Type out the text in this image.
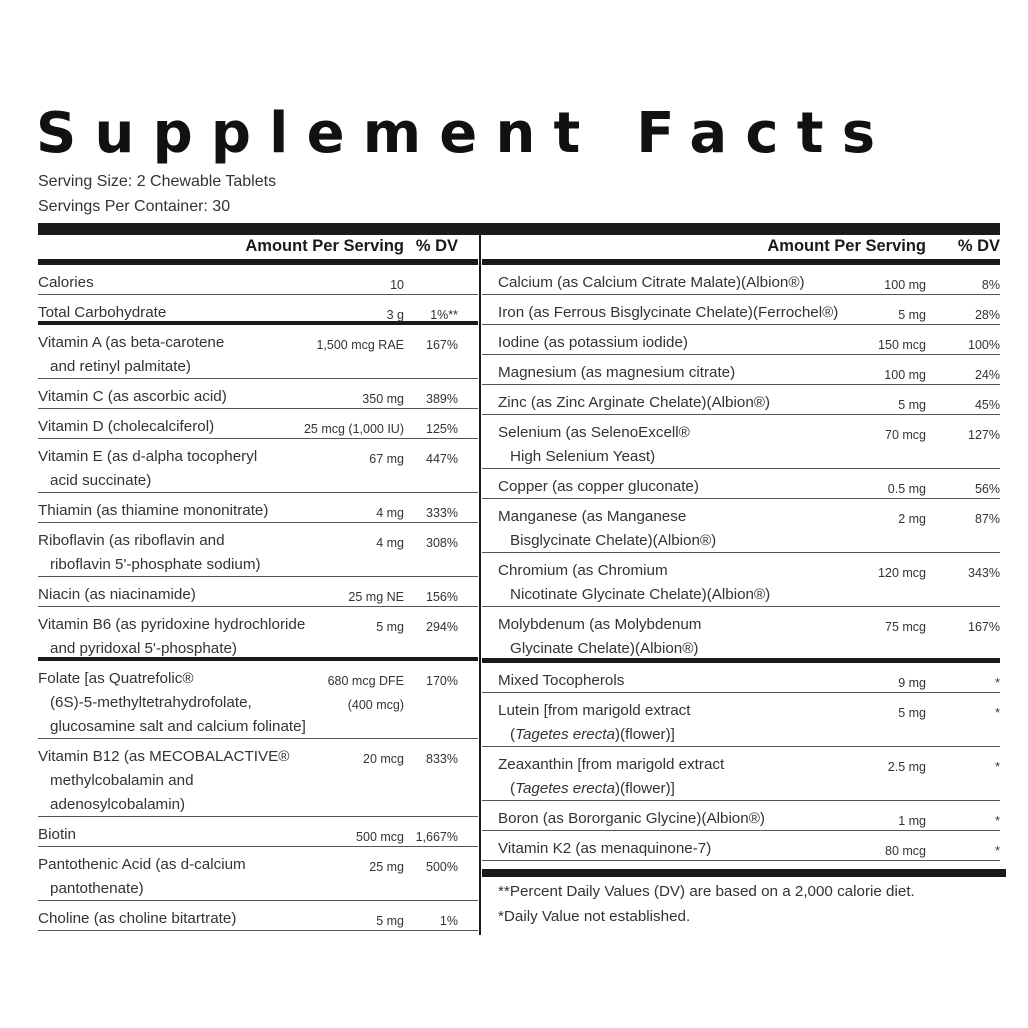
Supplement Facts
Serving Size: 2 Chewable Tablets
Servings Per Container: 30
Amount Per Serving % DV
Calories	10
Total Carbohydrate	3 g 1%**
Vitamin A (as beta-carotene
and retinyl palmitate)
1,500 mcg RAE 167%
Vitamin C (as ascorbic acid)	350 mg 389%
Vitamin D (cholecalciferol)	25 mcg (1,000 IU) 125%
Vitamin E (as d-alpha tocopheryl
acid succinate)
67 mg 447%
Thiamin (as thiamine mononitrate)	4 mg 333%
Riboflavin (as riboflavin and
riboflavin 5'-phosphate sodium)
4 mg 308%
Niacin (as niacinamide)	25 mg NE 156%
Vitamin B6 (as pyridoxine hydrochloride
and pyridoxal 5'-phosphate)
5 mg 294%
Folate [as Quatrefolic®
(6S)-5-methyltetrahydrofolate,
glucosamine salt and calcium folinate]
680 mcg DFE
(400 mcg)
170%
Vitamin B12 (as MECOBALACTIVE®
methylcobalamin and
adenosylcobalamin)
20 mcg 833%
Biotin	500 mcg 1,667%
Pantothenic Acid (as d-calcium
pantothenate)
25 mg 500%
Choline (as choline bitartrate)	5 mg	1%
Amount Per Serving % DV
Calcium (as Calcium Citrate Malate)(Albion®)	100 mg	8%
Iron (as Ferrous Bisglycinate Chelate)(Ferrochel®)	5 mg	28%
Iodine (as potassium iodide)	150 mcg	100%
Magnesium (as magnesium citrate)	100 mg	24%
Zinc (as Zinc Arginate Chelate)(Albion®)	5 mg	45%
Selenium (as SelenoExcell®
High Selenium Yeast)
70 mcg	127%
Copper (as copper gluconate)	0.5 mg	56%
Manganese (as Manganese
Bisglycinate Chelate)(Albion®)
2 mg	87%
Chromium (as Chromium
Nicotinate Glycinate Chelate)(Albion®)
120 mcg	343%
Molybdenum (as Molybdenum
Glycinate Chelate)(Albion®)
75 mcg	167%
Mixed Tocopherols	9 mg	*
Lutein [from marigold extract
(Tagetes erecta)(flower)]
5 mg	*
Zeaxanthin [from marigold extract
(Tagetes erecta)(flower)]
2.5 mg	*
Boron (as Bororganic Glycine)(Albion®)	1 mg	*
Vitamin K2 (as menaquinone-7)	80 mcg	*
**Percent Daily Values (DV) are based on a 2,000 calorie diet.
*Daily Value not established.
